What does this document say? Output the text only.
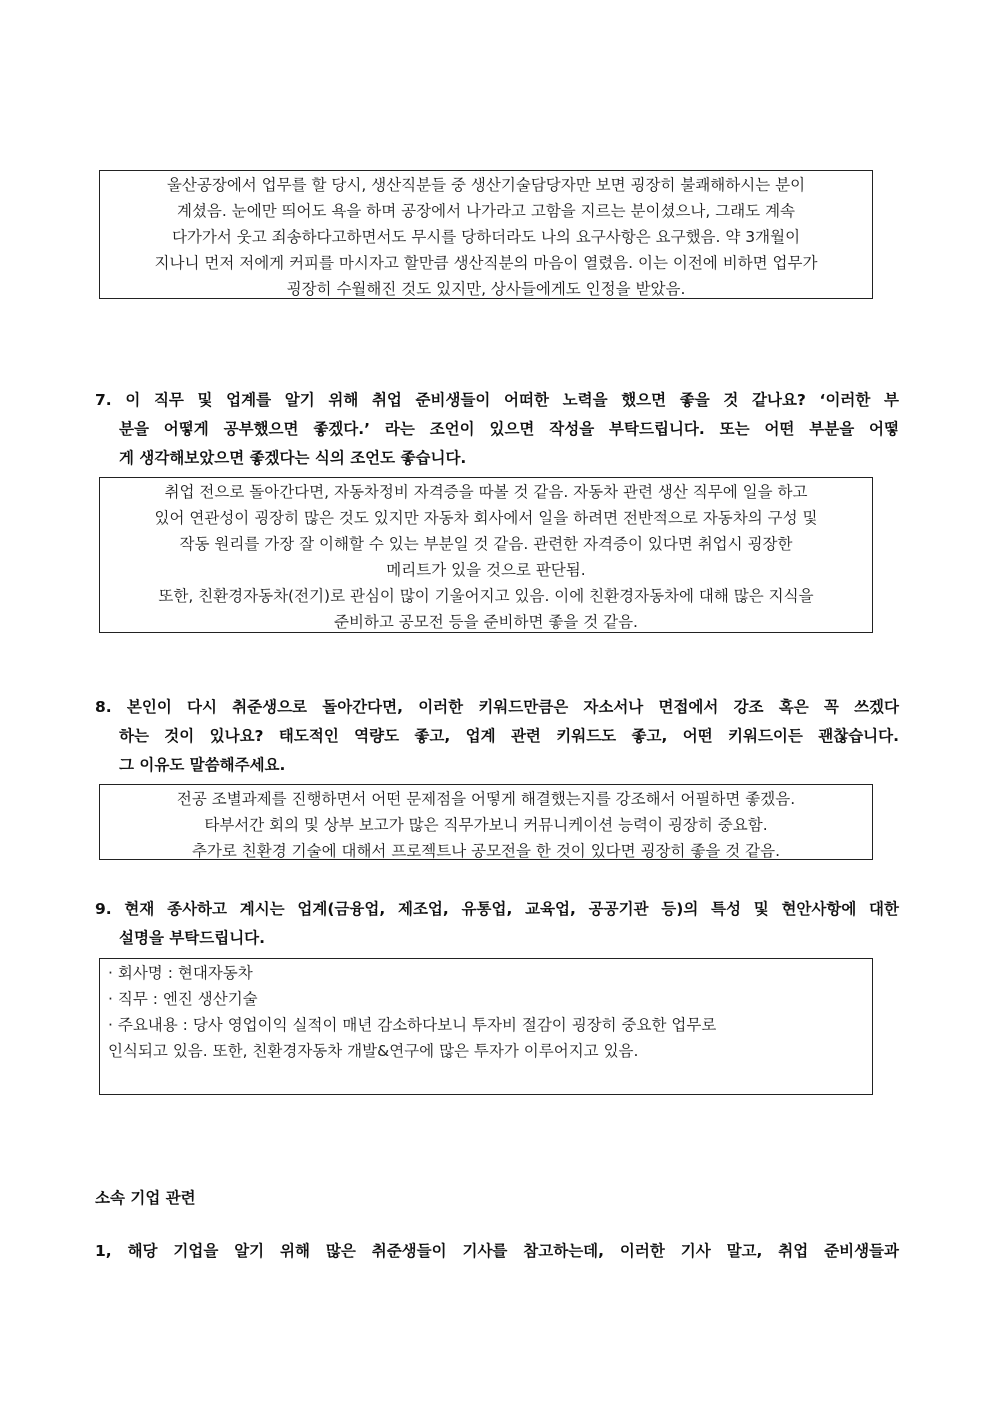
울산공장에서 업무를 할 당시, 생산직분들 중 생산기술담당자만 보면 굉장히 불쾌해하시는 분이
계셨음. 눈에만 띄어도 욕을 하며 공장에서 나가라고 고함을 지르는 분이셨으나, 그래도 계속
다가가서 웃고 죄송하다고하면서도 무시를 당하더라도 나의 요구사항은 요구했음. 약 3개월이
지나니 먼저 저에게 커피를 마시자고 할만큼 생산직분의 마음이 열렸음. 이는 이전에 비하면 업무가
굉장히 수월해진 것도 있지만, 상사들에게도 인정을 받았음.
7. 이 직무 및 업계를 알기 위해 취업 준비생들이 어떠한 노력을 했으면 좋을 것 같나요? ‘이러한 부
분을 어떻게 공부했으면 좋겠다.’ 라는 조언이 있으면 작성을 부탁드립니다. 또는 어떤 부분을 어떻
게 생각해보았으면 좋겠다는 식의 조언도 좋습니다.
취업 전으로 돌아간다면, 자동차정비 자격증을 따볼 것 같음. 자동차 관련 생산 직무에 일을 하고
있어 연관성이 굉장히 많은 것도 있지만 자동차 회사에서 일을 하려면 전반적으로 자동차의 구성 및
작동 원리를 가장 잘 이해할 수 있는 부분일 것 같음. 관련한 자격증이 있다면 취업시 굉장한
메리트가 있을 것으로 판단됨.
또한, 친환경자동차(전기)로 관심이 많이 기울어지고 있음. 이에 친환경자동차에 대해 많은 지식을
준비하고 공모전 등을 준비하면 좋을 것 같음.
8. 본인이 다시 취준생으로 돌아간다면, 이러한 키워드만큼은 자소서나 면접에서 강조 혹은 꼭 쓰겠다
하는 것이 있나요? 태도적인 역량도 좋고, 업계 관련 키워드도 좋고, 어떤 키워드이든 괜찮습니다.
그 이유도 말씀해주세요.
전공 조별과제를 진행하면서 어떤 문제점을 어떻게 해결했는지를 강조해서 어필하면 좋겠음.
타부서간 회의 및 상부 보고가 많은 직무가보니 커뮤니케이션 능력이 굉장히 중요함.
추가로 친환경 기술에 대해서 프로젝트나 공모전을 한 것이 있다면 굉장히 좋을 것 같음.
9. 현재 종사하고 계시는 업계(금융업, 제조업, 유통업, 교육업, 공공기관 등)의 특성 및 현안사항에 대한
설명을 부탁드립니다.
· 회사명 : 현대자동차
· 직무 : 엔진 생산기술
· 주요내용 : 당사 영업이익 실적이 매년 감소하다보니 투자비 절감이 굉장히 중요한 업무로
인식되고 있음. 또한, 친환경자동차 개발&연구에 많은 투자가 이루어지고 있음.
소속 기업 관련
1, 해당 기업을 알기 위해 많은 취준생들이 기사를 참고하는데, 이러한 기사 말고, 취업 준비생들과
